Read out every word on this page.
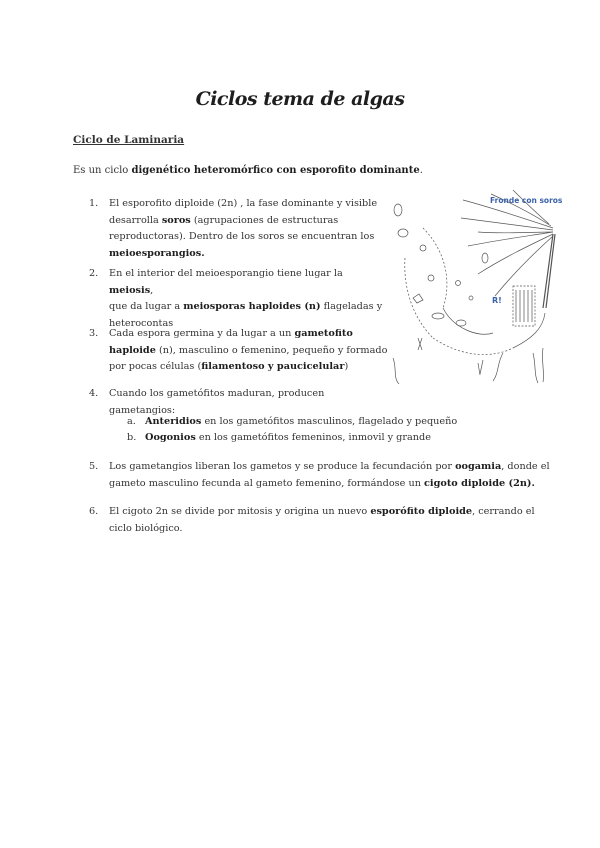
Ciclos tema de algas
Ciclo de Laminaria
Es un ciclo digenético heteromórfico con esporofito dominante.
1.	El esporofito diploide (2n) , la fase dominante y visible
desarrolla soros (agrupaciones de estructuras
reproductoras). Dentro de los soros se encuentran los
meioesporangios.
2.	En el interior del meioesporangio tiene lugar la meiosis,
que da lugar a meiosporas haploides (n) flageladas y
heterocontas
3.	Cada espora germina y da lugar a un gametofito
haploide (n), masculino o femenino, pequeño y formado
por pocas células (filamentoso y paucicelular)
4.	Cuando los gametófitos maduran, producen
gametangios:
a. Anteridios en los gametófitos masculinos, flagelado y pequeño
b. Oogonios en los gametófitos femeninos, inmovil y grande
5.	Los gametangios liberan los gametos y se produce la fecundación por oogamia, donde el
gameto masculino fecunda al gameto femenino, formándose un cigoto diploide (2n).
6.	El cigoto 2n se divide por mitosis y origina un nuevo esporófito diploide, cerrando el
ciclo biológico.
Fronde con soros
R!
